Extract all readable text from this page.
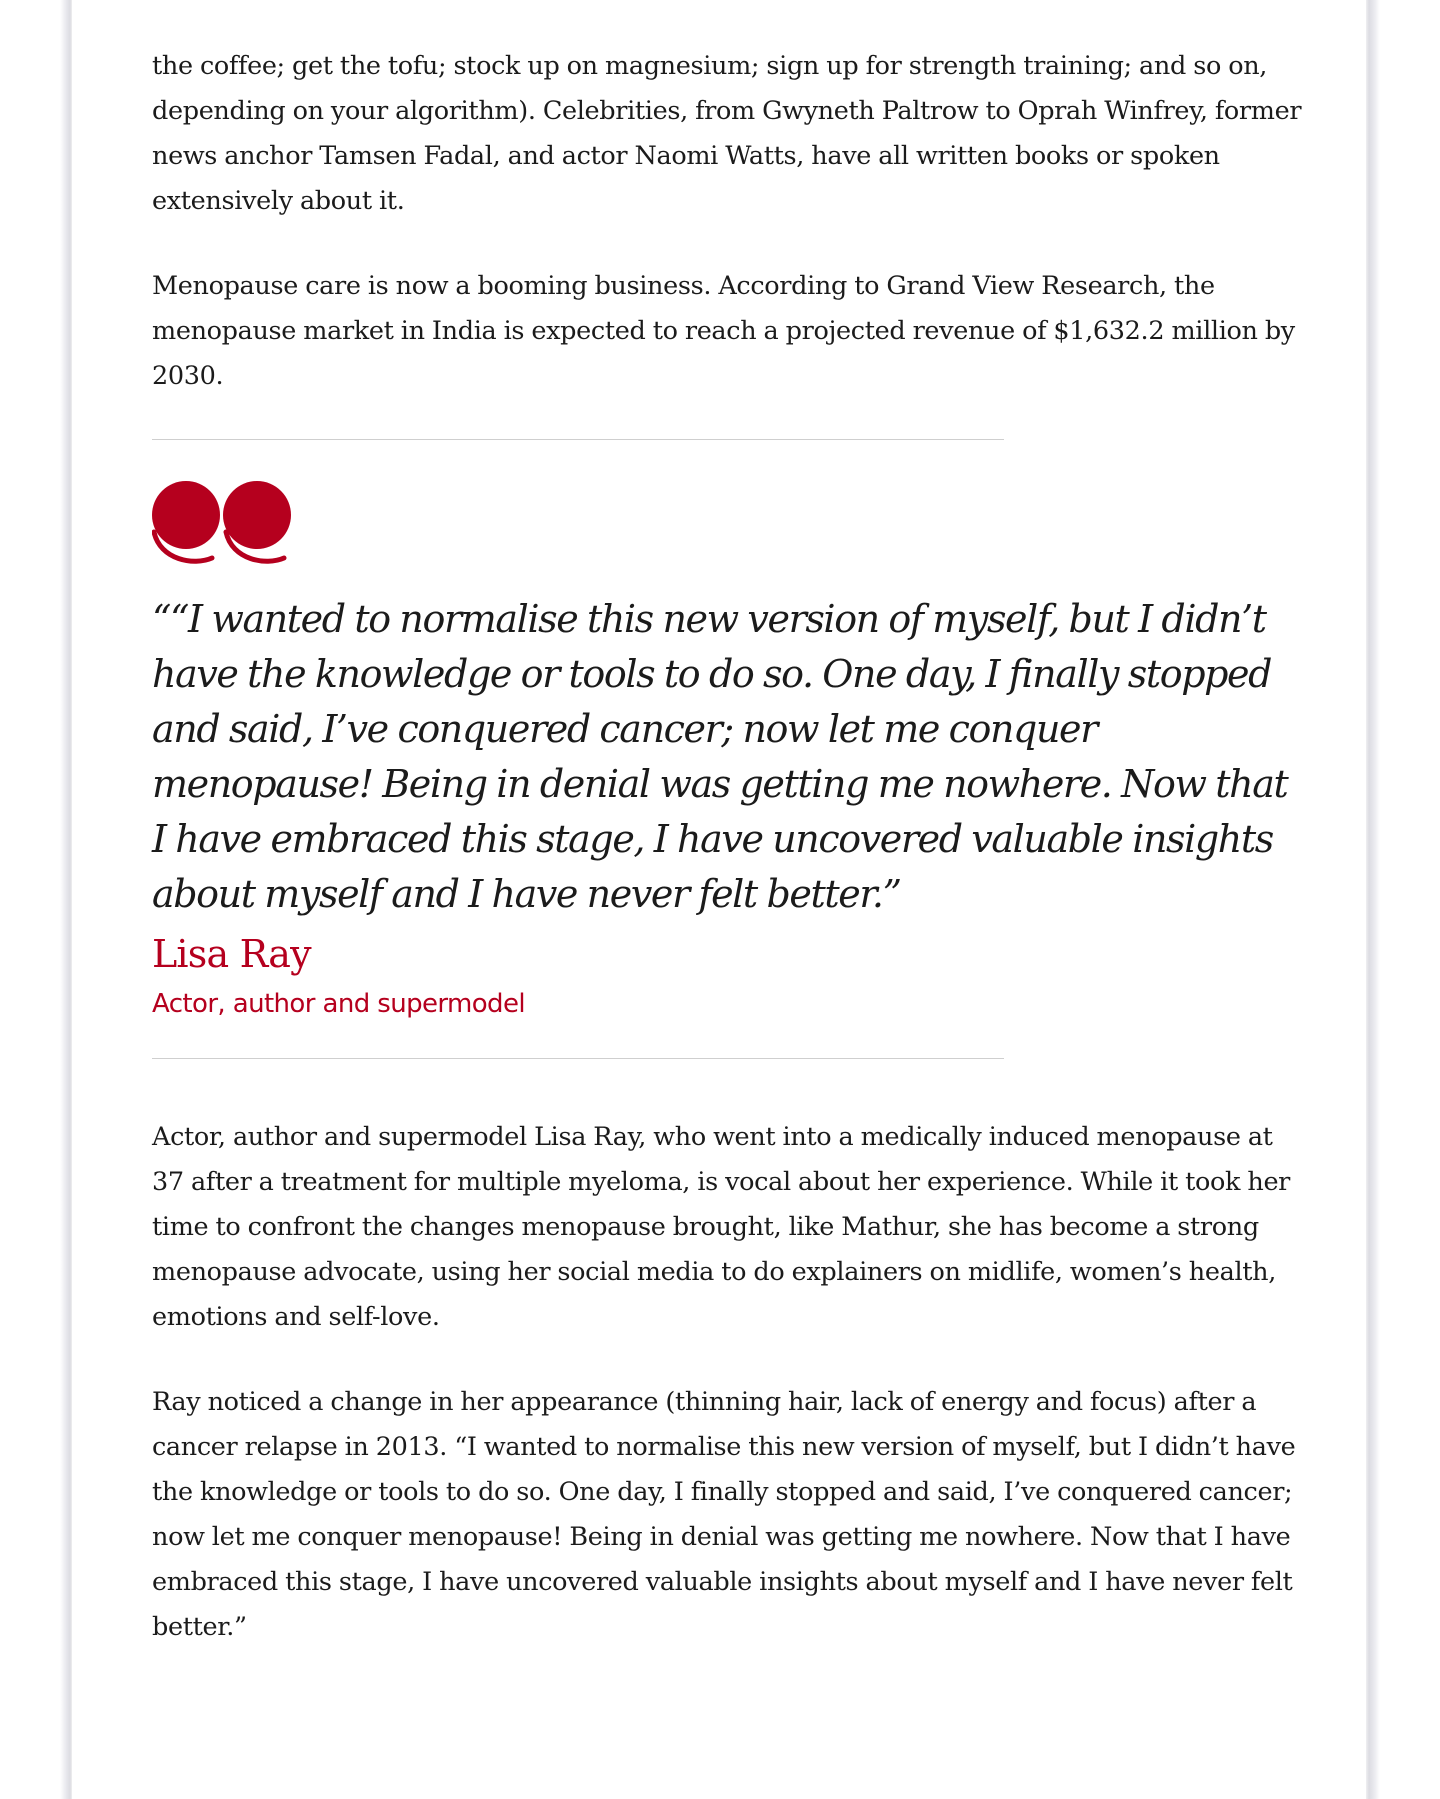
the coffee; get the tofu; stock up on magnesium; sign up for strength training; and so on, depending on your algorithm). Celebrities, from Gwyneth Paltrow to Oprah Winfrey, former news anchor Tamsen Fadal, and actor Naomi Watts, have all written books or spoken extensively about it.

Menopause care is now a booming business. According to Grand View Research, the menopause market in India is expected to reach a projected revenue of $1,632.2 million by 2030.

““I wanted to normalise this new version of myself, but I didn’t have the knowledge or tools to do so. One day, I finally stopped and said, I’ve conquered cancer; now let me conquer menopause! Being in denial was getting me nowhere. Now that I have embraced this stage, I have uncovered valuable insights about myself and I have never felt better.”

Lisa Ray

Actor, author and supermodel

Actor, author and supermodel Lisa Ray, who went into a medically induced menopause at 37 after a treatment for multiple myeloma, is vocal about her experience. While it took her time to confront the changes menopause brought, like Mathur, she has become a strong menopause advocate, using her social media to do explainers on midlife, women’s health, emotions and self-love.

Ray noticed a change in her appearance (thinning hair, lack of energy and focus) after a cancer relapse in 2013. “I wanted to normalise this new version of myself, but I didn’t have the knowledge or tools to do so. One day, I finally stopped and said, I’ve conquered cancer; now let me conquer menopause! Being in denial was getting me nowhere. Now that I have embraced this stage, I have uncovered valuable insights about myself and I have never felt better.”
